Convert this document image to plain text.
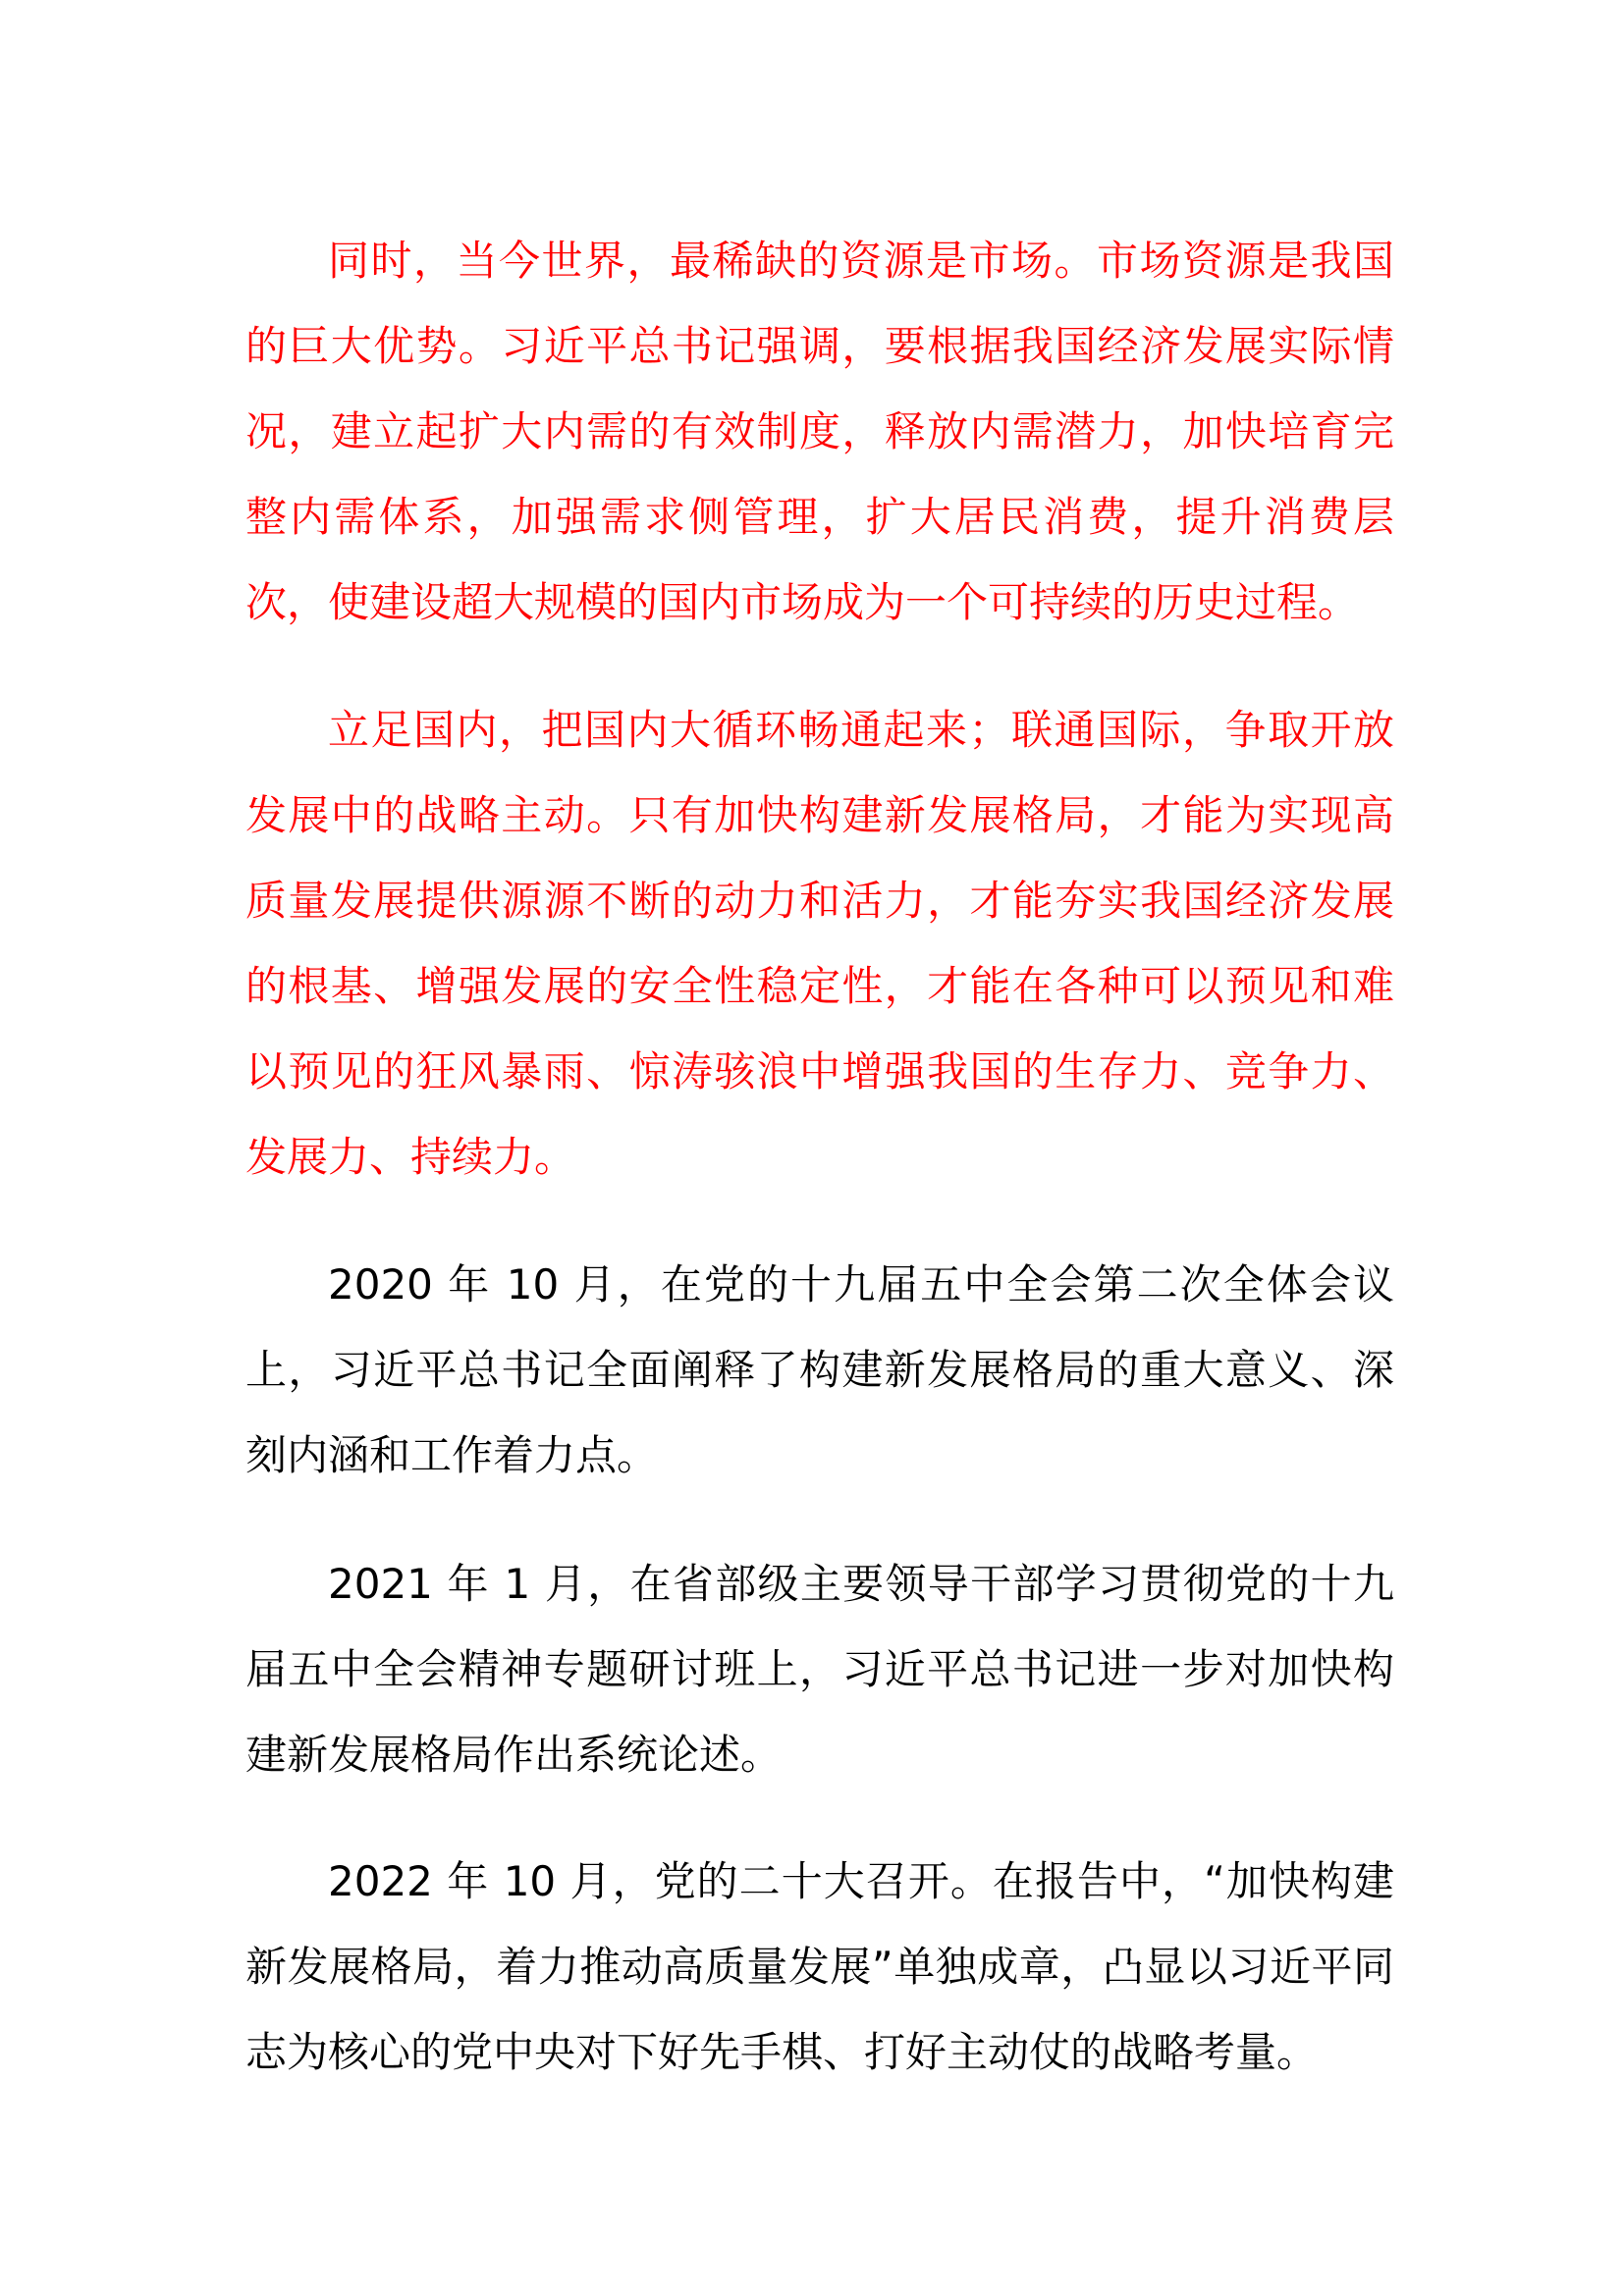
同时，当今世界，最稀缺的资源是市场。市场资源是我国的巨大优势。习近平总书记强调，要根据我国经济发展实际情况，建立起扩大内需的有效制度，释放内需潜力，加快培育完整内需体系，加强需求侧管理，扩大居民消费，提升消费层次，使建设超大规模的国内市场成为一个可持续的历史过程。

立足国内，把国内大循环畅通起来；联通国际，争取开放发展中的战略主动。只有加快构建新发展格局，才能为实现高质量发展提供源源不断的动力和活力，才能夯实我国经济发展的根基、增强发展的安全性稳定性，才能在各种可以预见和难以预见的狂风暴雨、惊涛骇浪中增强我国的生存力、竞争力、发展力、持续力。

2020 年 10 月，在党的十九届五中全会第二次全体会议上，习近平总书记全面阐释了构建新发展格局的重大意义、深刻内涵和工作着力点。

2021 年 1 月，在省部级主要领导干部学习贯彻党的十九届五中全会精神专题研讨班上，习近平总书记进一步对加快构建新发展格局作出系统论述。

2022 年 10 月，党的二十大召开。在报告中，“加快构建新发展格局，着力推动高质量发展”单独成章，凸显以习近平同志为核心的党中央对下好先手棋、打好主动仗的战略考量。
